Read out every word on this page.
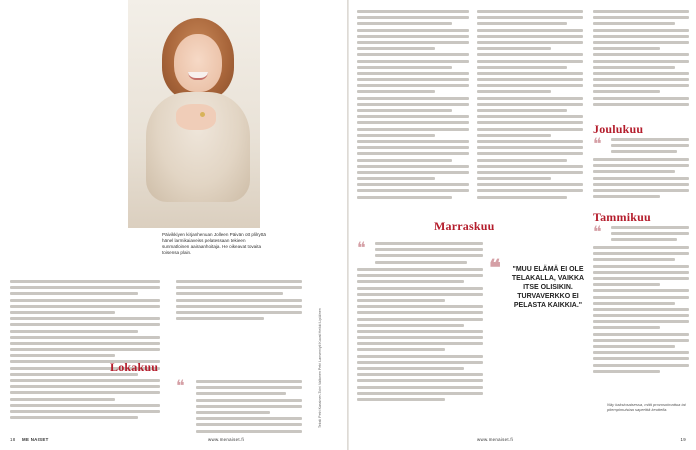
Päivikkiyen kirjanhenuan Jolleen Päivän ott plilryttä hänel larmikaiaveiss pelatessaan tekieen sunmatloinen aairaanhoitaja. He oikeavat tovaita toisensa plain.
Teksti Petri Kassinen-Toini Valtonen Petri Lansemiyti Kuvat Heikki Lipiäinen
Lokakuu
❝
18 ME NAISET	www.menaiset.fi
Marraskuu
❝
❝ "MUU ELÄMÄ EI OLE TELAKALLA, VAIKKA ITSE OLISIKIN. TURVAVERKKO EI PELASTA KAIKKIA."
Joulukuu
❝
Tammikuu
❝
Näy kaksiosaisessa, mitä provosoimattua tai pitempimuistaa saperittä keuttella.
www.menaiset.fi	19
